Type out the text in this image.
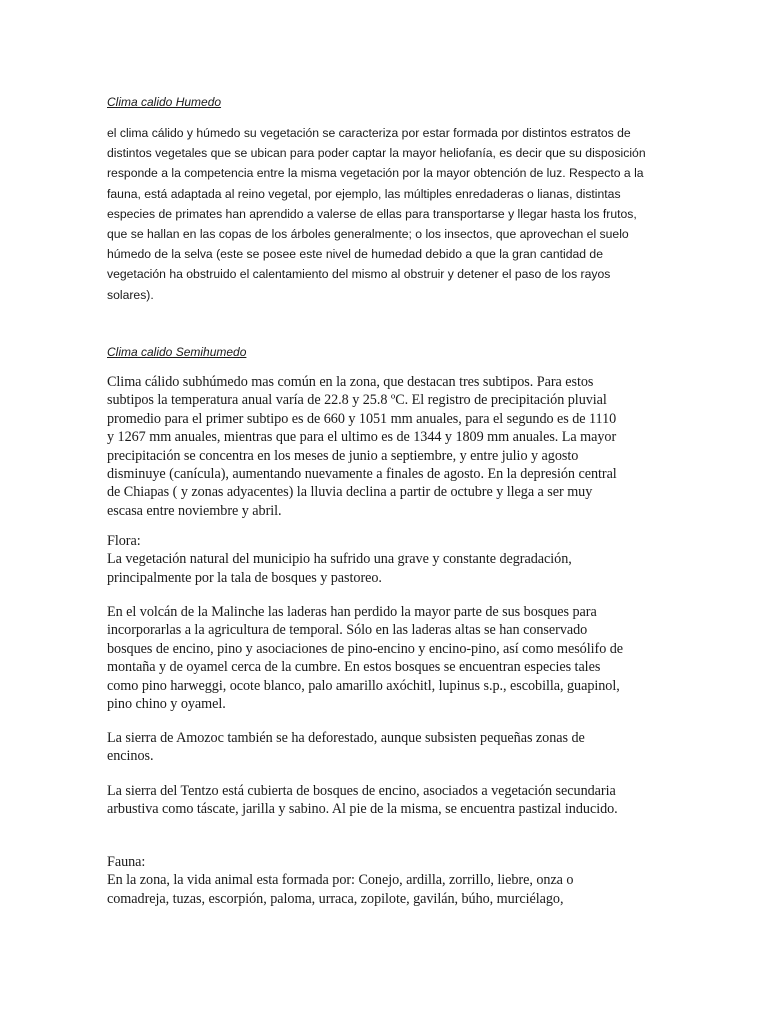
Clima calido Humedo

el clima cálido y húmedo su vegetación se caracteriza por estar formada por distintos estratos de
distintos vegetales que se ubican para poder captar la mayor heliofanía, es decir que su disposición
responde a la competencia entre la misma vegetación por la mayor obtención de luz. Respecto a la
fauna, está adaptada al reino vegetal, por ejemplo, las múltiples enredaderas o lianas, distintas
especies de primates han aprendido a valerse de ellas para transportarse y llegar hasta los frutos,
que se hallan en las copas de los árboles generalmente; o los insectos, que aprovechan el suelo
húmedo de la selva (este se posee este nivel de humedad debido a que la gran cantidad de
vegetación ha obstruido el calentamiento del mismo al obstruir y detener el paso de los rayos
solares).

Clima calido Semihumedo

Clima cálido subhúmedo mas común en la zona, que destacan tres subtipos. Para estos
subtipos la temperatura anual varía de 22.8 y 25.8 ºC. El registro de precipitación pluvial
promedio para el primer subtipo es de 660 y 1051 mm anuales, para el segundo es de 1110
y 1267 mm anuales, mientras que para el ultimo es de 1344 y 1809 mm anuales. La mayor
precipitación se concentra en los meses de junio a septiembre, y entre julio y agosto
disminuye (canícula), aumentando nuevamente a finales de agosto. En la depresión central
de Chiapas ( y zonas adyacentes) la lluvia declina a partir de octubre y llega a ser muy
escasa entre noviembre y abril.
Flora:
La vegetación natural del municipio ha sufrido una grave y constante degradación,
principalmente por la tala de bosques y pastoreo.
En el volcán de la Malinche las laderas han perdido la mayor parte de sus bosques para
incorporarlas a la agricultura de temporal. Sólo en las laderas altas se han conservado
bosques de encino, pino y asociaciones de pino-encino y encino-pino, así como mesólifo de
montaña y de oyamel cerca de la cumbre. En estos bosques se encuentran especies tales
como pino harweggi, ocote blanco, palo amarillo axóchitl, lupinus s.p., escobilla, guapinol,
pino chino y oyamel.
La sierra de Amozoc también se ha deforestado, aunque subsisten pequeñas zonas de
encinos.
La sierra del Tentzo está cubierta de bosques de encino, asociados a vegetación secundaria
arbustiva como táscate, jarilla y sabino. Al pie de la misma, se encuentra pastizal inducido.
Fauna:
En la zona, la vida animal esta formada por: Conejo, ardilla, zorrillo, liebre, onza o
comadreja, tuzas, escorpión, paloma, urraca, zopilote, gavilán, búho, murciélago,
